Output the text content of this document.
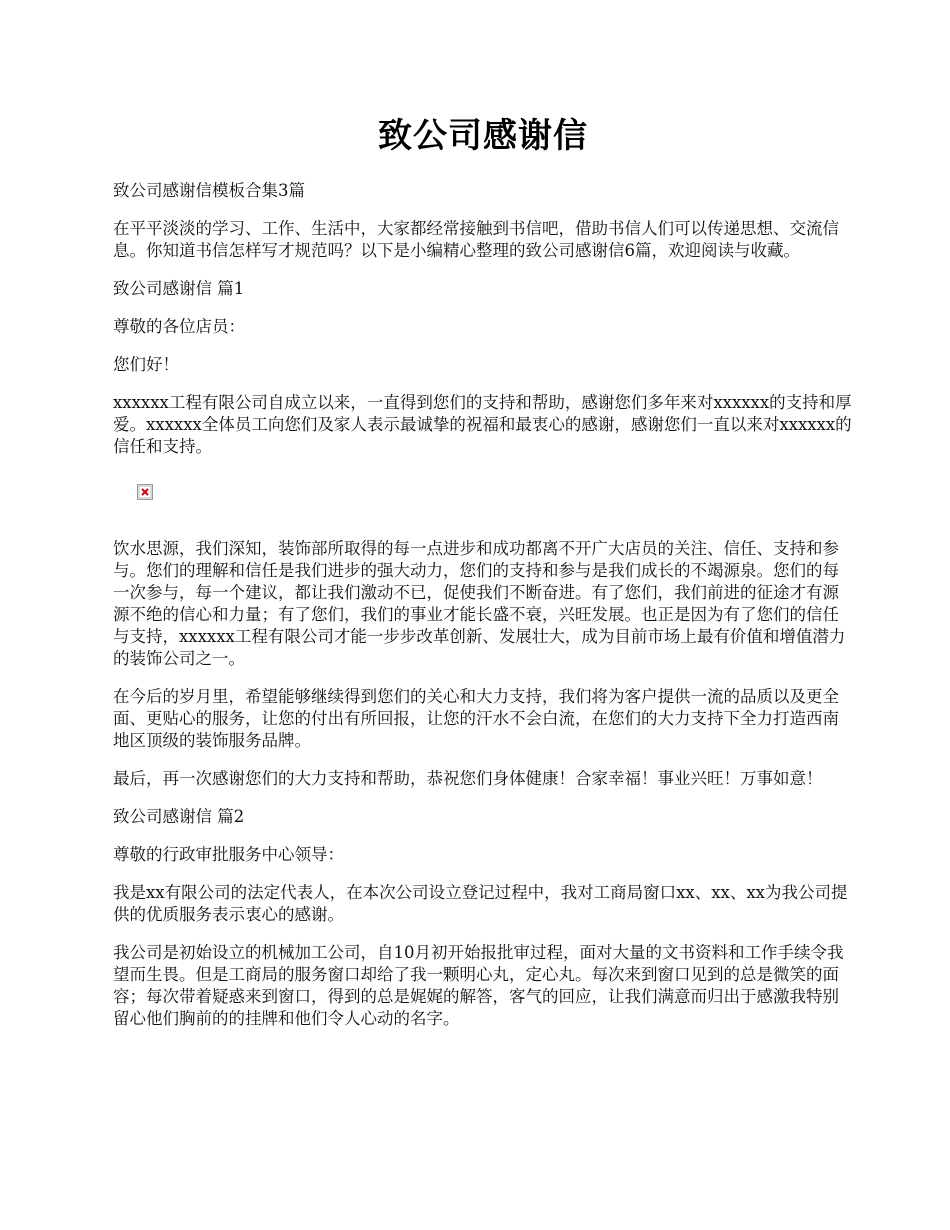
致公司感谢信

致公司感谢信模板合集3篇

在平平淡淡的学习、工作、生活中，大家都经常接触到书信吧，借助书信人们可以传递思想、交流信息。你知道书信怎样写才规范吗？以下是小编精心整理的致公司感谢信6篇，欢迎阅读与收藏。

致公司感谢信 篇1

尊敬的各位店员：

您们好！

xxxxxx工程有限公司自成立以来，一直得到您们的支持和帮助，感谢您们多年来对xxxxxx的支持和厚爱。xxxxxx全体员工向您们及家人表示最诚挚的祝福和最衷心的感谢，感谢您们一直以来对xxxxxx的信任和支持。

饮水思源，我们深知，装饰部所取得的每一点进步和成功都离不开广大店员的关注、信任、支持和参与。您们的理解和信任是我们进步的强大动力，您们的支持和参与是我们成长的不竭源泉。您们的每一次参与，每一个建议，都让我们激动不已，促使我们不断奋进。有了您们，我们前进的征途才有源源不绝的信心和力量；有了您们，我们的事业才能长盛不衰，兴旺发展。也正是因为有了您们的信任与支持，xxxxxx工程有限公司才能一步步改革创新、发展壮大，成为目前市场上最有价值和增值潜力的装饰公司之一。

在今后的岁月里，希望能够继续得到您们的关心和大力支持，我们将为客户提供一流的品质以及更全面、更贴心的服务，让您的付出有所回报，让您的汗水不会白流，在您们的大力支持下全力打造西南地区顶级的装饰服务品牌。

最后，再一次感谢您们的大力支持和帮助，恭祝您们身体健康！合家幸福！事业兴旺！万事如意！

致公司感谢信 篇2

尊敬的行政审批服务中心领导：

我是xx有限公司的法定代表人，在本次公司设立登记过程中，我对工商局窗口xx、xx、xx为我公司提供的优质服务表示衷心的感谢。

我公司是初始设立的机械加工公司，自10月初开始报批审过程，面对大量的文书资料和工作手续令我望而生畏。但是工商局的服务窗口却给了我一颗明心丸，定心丸。每次来到窗口见到的总是微笑的面容；每次带着疑惑来到窗口，得到的总是娓娓的解答，客气的回应，让我们满意而归出于感激我特别留心他们胸前的的挂牌和他们令人心动的名字。
